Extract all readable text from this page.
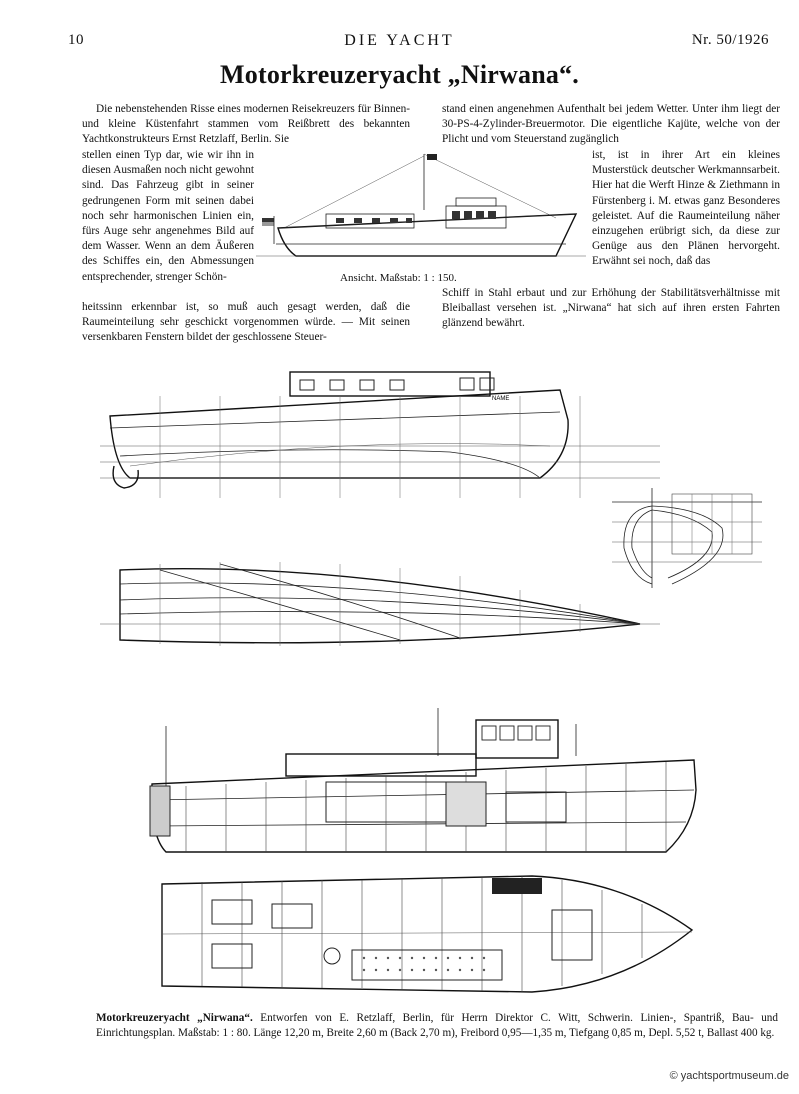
10	DIE YACHT	Nr. 50/1926
Motorkreuzeryacht „Nirwana“.
Die nebenstehenden Risse eines modernen Reisekreuzers für Binnen- und kleine Küstenfahrt stammen vom Reißbrett des bekannten Yachtkonstrukteurs Ernst Retzlaff, Berlin. Sie
stellen einen Typ dar, wie wir ihn in diesen Ausmaßen noch nicht gewohnt sind. Das Fahrzeug gibt in seiner gedrungenen Form mit seinen dabei noch sehr harmonischen Linien ein, fürs Auge sehr angenehmes Bild auf dem Wasser. Wenn an dem Äußeren des Schiffes ein, den Abmessungen entsprechender, strenger Schön-
heitssinn erkennbar ist, so muß auch gesagt werden, daß die Raumeinteilung sehr geschickt vorgenommen würde. — Mit seinen versenkbaren Fenstern bildet der geschlossene Steuer-
stand einen angenehmen Aufenthalt bei jedem Wetter. Unter ihm liegt der 30-PS-4-Zylinder-Breuermotor. Die eigentliche Kajüte, welche von der Plicht und vom Steuerstand zugänglich
ist, ist in ihrer Art ein kleines Musterstück deutscher Werkmannsarbeit. Hier hat die Werft Hinze & Ziethmann in Fürstenberg i. M. etwas ganz Besonderes geleistet. Auf die Raumeinteilung näher einzugehen erübrigt sich, da diese zur Genüge aus den Plänen hervorgeht. Erwähnt sei noch, daß das
Schiff in Stahl erbaut und zur Erhöhung der Stabilitätsverhältnisse mit Bleiballast versehen ist. „Nirwana“ hat sich auf ihren ersten Fahrten glänzend bewährt.
Ansicht. Maßstab: 1 : 150.
NAME
Motorkreuzeryacht „Nirwana“. Entworfen von E. Retzlaff, Berlin, für Herrn Direktor C. Witt, Schwerin. Linien-, Spantriß, Bau- und Einrichtungsplan. Maßstab: 1 : 80. Länge 12,20 m, Breite 2,60 m (Back 2,70 m), Freibord 0,95—1,35 m, Tiefgang 0,85 m, Depl. 5,52 t, Ballast 400 kg.
© yachtsportmuseum.de
